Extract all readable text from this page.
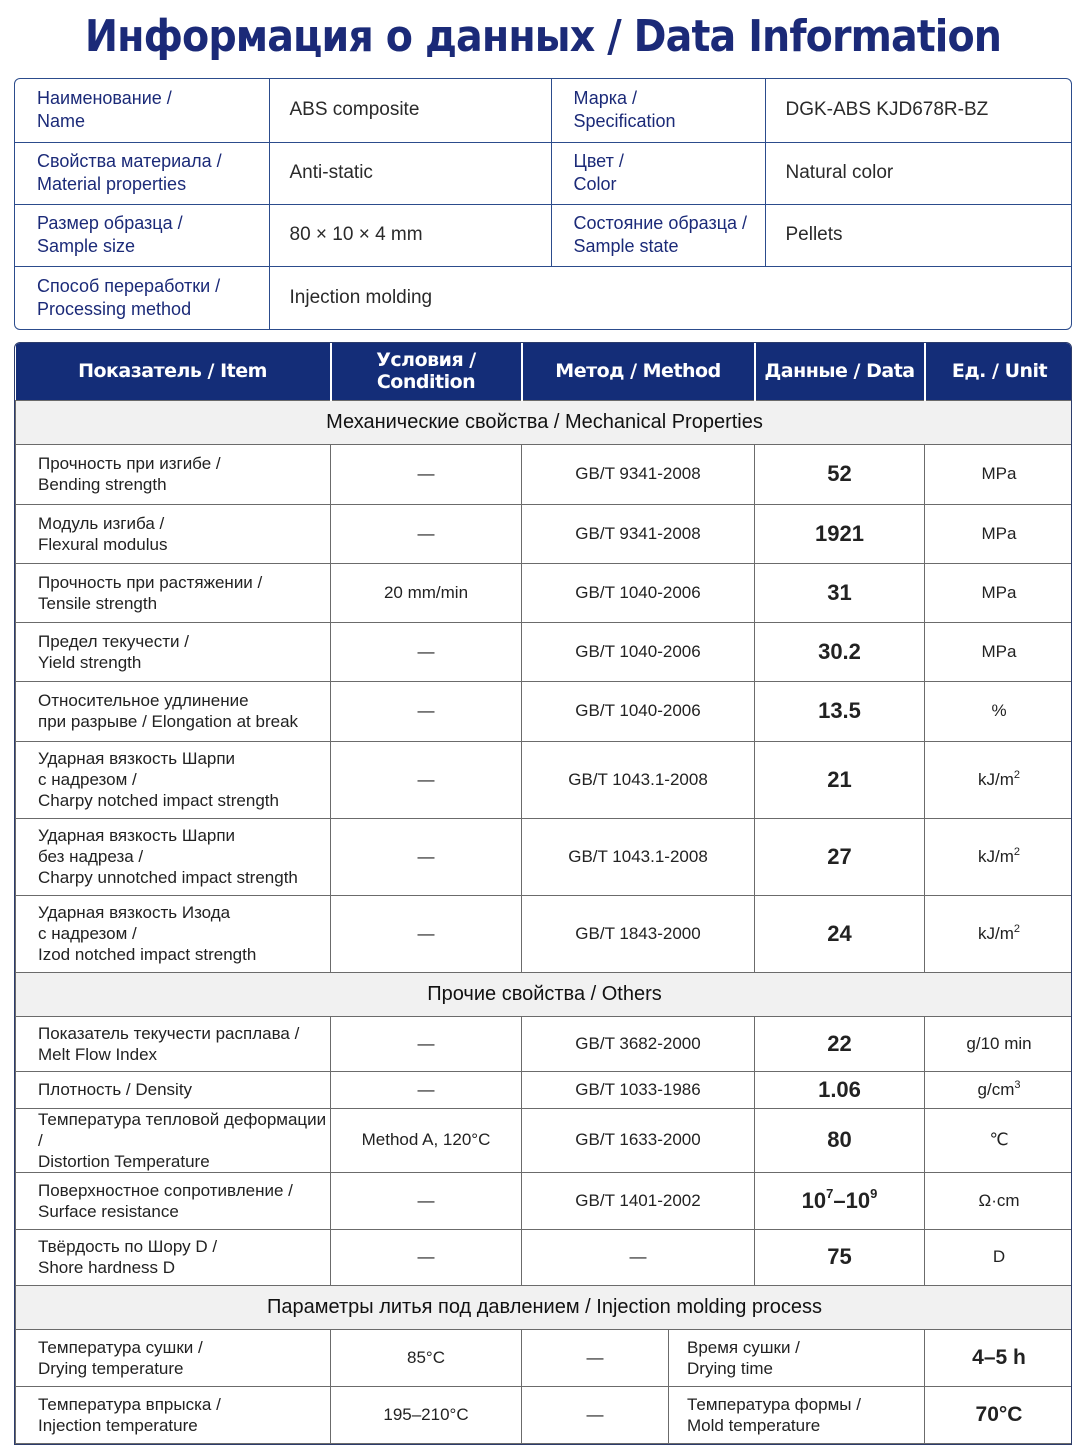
Информация о данных / Data Information
Наименование /
Name	ABS composite	Марка /
Specification	DGK-ABS KJD678R-BZ
Свойства материала /
Material properties	Anti-static	Цвет /
Color	Natural color
Размер образца /
Sample size	80 × 10 × 4 mm	Состояние образца /
Sample state	Pellets
Способ переработки /
Processing method	Injection molding		
Показатель / Item	Условия / Condition	Метод / Method		Данные / Data	Ед. / Unit
Механические свойства / Mechanical Properties					
Прочность при изгибе /
Bending strength	—	GB/T 9341-2008		52	MPa
Модуль изгиба /
Flexural modulus	—	GB/T 9341-2008		1921	MPa
Прочность при растяжении /
Tensile strength	20 mm/min	GB/T 1040-2006		31	MPa
Предел текучести /
Yield strength	—	GB/T 1040-2006		30.2	MPa
Относительное удлинение
при разрыве / Elongation at break	—	GB/T 1040-2006		13.5	%
Ударная вязкость Шарпи
с надрезом /
Charpy notched impact strength	—	GB/T 1043.1-2008		21	$kJ/m^2$
Ударная вязкость Шарпи
без надреза /
Charpy unnotched impact strength	—	GB/T 1043.1-2008		27	$kJ/m^2$
Ударная вязкость Изода
с надрезом /
Izod notched impact strength	—	GB/T 1843-2000		24	$kJ/m^2$
Прочие свойства / Others					
Показатель текучести расплава /
Melt Flow Index	—	GB/T 3682-2000		22	g/10 min
Плотность / Density	—	GB/T 1033-1986		1.06	$g/cm^3$
Температура тепловой деформации /
Distortion Temperature	Method A, 120°C	GB/T 1633-2000		80	℃
Поверхностное сопротивление /
Surface resistance	—	GB/T 1401-2002		$10^7-10^9$	Ω·cm
Твёрдость по Шору D /
Shore hardness D	—	—		75	D
Параметры литья под давлением / Injection molding process					
Температура сушки /
Drying temperature	85°C	—	Время сушки /
Drying time		4–5 h
Температура впрыска /
Injection temperature	195–210°C	—	Температура формы /
Mold temperature		70°C
